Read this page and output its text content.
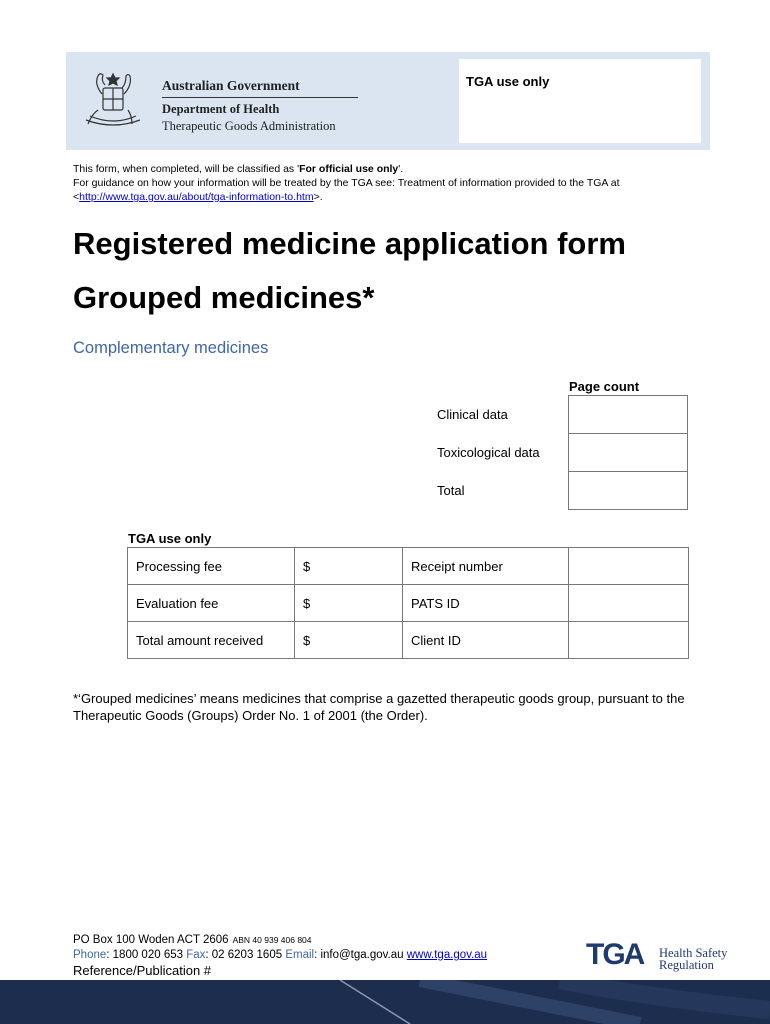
Australian Government
Department of Health
Therapeutic Goods Administration
TGA use only
This form, when completed, will be classified as 'For official use only'.
For guidance on how your information will be treated by the TGA see: Treatment of information provided to the TGA at
<http://www.tga.gov.au/about/tga-information-to.htm>.
Registered medicine application form
Grouped medicines*
Complementary medicines
Page count
Clinical data
Toxicological data
Total
TGA use only
Processing fee	$	Receipt number	
Evaluation fee	$	PATS ID	
Total amount received	$	Client ID	
*‘Grouped medicines’ means medicines that comprise a gazetted therapeutic goods group, pursuant to the Therapeutic Goods (Groups) Order No. 1 of 2001 (the Order).
PO Box 100 Woden ACT 2606 ABN 40 939 406 804
Phone: 1800 020 653 Fax: 02 6203 1605 Email: info@tga.gov.au www.tga.gov.au
Reference/Publication #	TGA Health Safety
Regulation
